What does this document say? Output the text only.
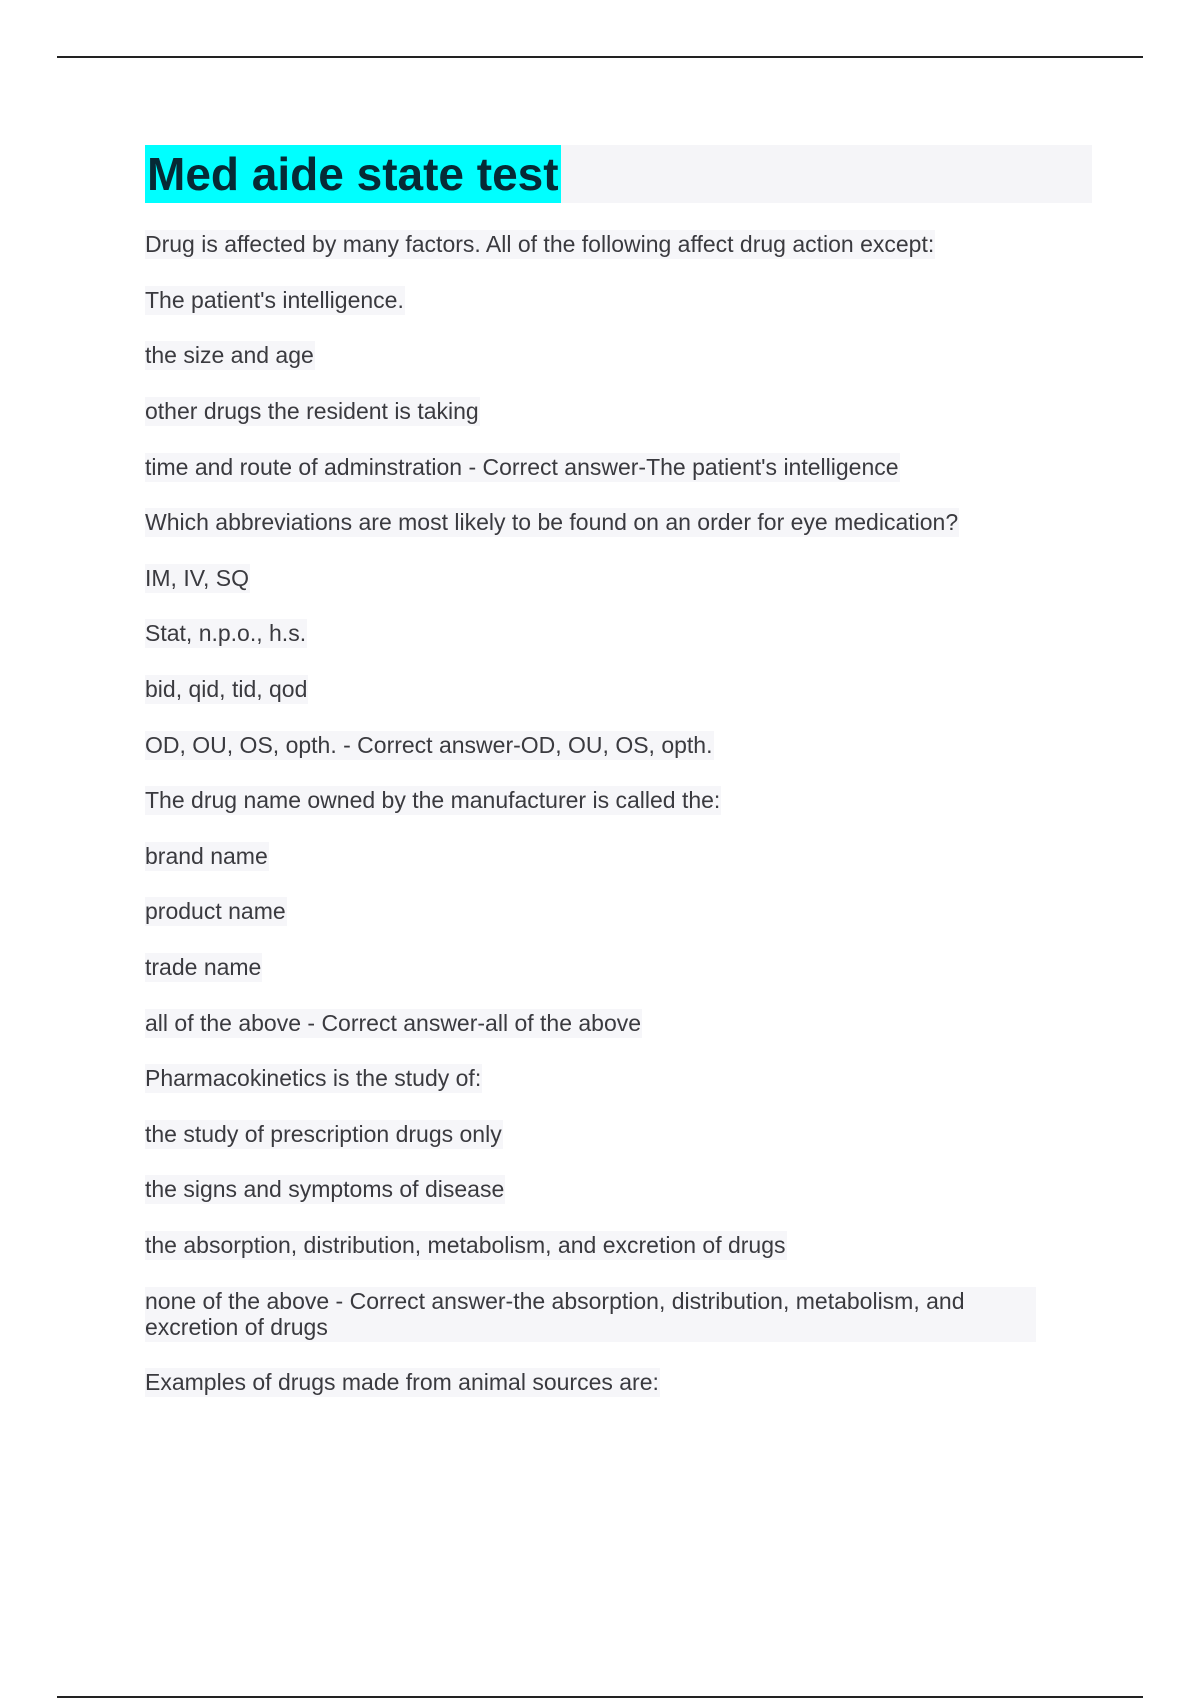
Med aide state test
Drug is affected by many factors. All of the following affect drug action except:
The patient's intelligence.
the size and age
other drugs the resident is taking
time and route of adminstration - Correct answer-The patient's intelligence
Which abbreviations are most likely to be found on an order for eye medication?
IM, IV, SQ
Stat, n.p.o., h.s.
bid, qid, tid, qod
OD, OU, OS, opth. - Correct answer-OD, OU, OS, opth.
The drug name owned by the manufacturer is called the:
brand name
product name
trade name
all of the above - Correct answer-all of the above
Pharmacokinetics is the study of:
the study of prescription drugs only
the signs and symptoms of disease
the absorption, distribution, metabolism, and excretion of drugs
none of the above - Correct answer-the absorption, distribution, metabolism, and excretion of drugs
Examples of drugs made from animal sources are:
